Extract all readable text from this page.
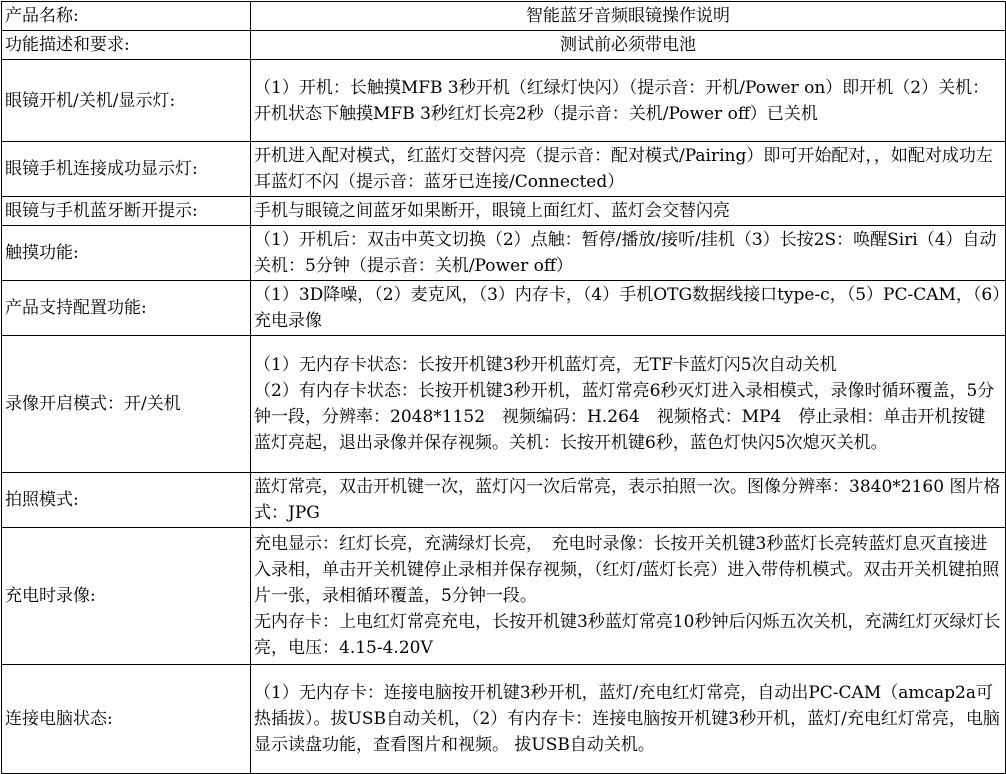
产品名称:	智能蓝牙音频眼镜操作说明
功能描述和要求:	测试前必须带电池
眼镜开机/关机/显示灯:	（1）开机：长触摸MFB 3秒开机（红绿灯快闪）（提示音：开机/Power on）即开机（2）关机：开机状态下触摸MFB 3秒红灯长亮2秒（提示音：关机/Power off）已关机
眼镜手机连接成功显示灯:	开机进入配对模式，红蓝灯交替闪亮（提示音：配对模式/Pairing）即可开始配对，，如配对成功左耳蓝灯不闪（提示音：蓝牙已连接/Connected）
眼镜与手机蓝牙断开提示:	手机与眼镜之间蓝牙如果断开，眼镜上面红灯、蓝灯会交替闪亮
触摸功能:	（1）开机后：双击中英文切换（2）点触：暂停/播放/接听/挂机（3）长按2S：唤醒Siri（4）自动关机：5分钟（提示音：关机/Power off）
产品支持配置功能:	（1）3D降噪，（2）麦克风，（3）内存卡，（4）手机OTG数据线接口type-c，（5）PC-CAM，（6）充电录像
录像开启模式：开/关机	（1）无内存卡状态：长按开机键3秒开机蓝灯亮，无TF卡蓝灯闪5次自动关机
（2）有内存卡状态：长按开机键3秒开机，蓝灯常亮6秒灭灯进入录相模式，录像时循环覆盖，5分钟一段，分辨率：2048*1152　视频编码：H.264　视频格式：MP4　停止录相：单击开机按键蓝灯亮起，退出录像并保存视频。关机：长按开机键6秒，蓝色灯快闪5次熄灭关机。

拍照模式:	蓝灯常亮，双击开机键一次，蓝灯闪一次后常亮，表示拍照一次。图像分辨率：3840*2160 图片格式：JPG
充电时录像:	充电显示：红灯长亮，充满绿灯长亮，　充电时录像：长按开关机键3秒蓝灯长亮转蓝灯息灭直接进入录相，单击开关机键停止录相并保存视频，（红灯/蓝灯长亮）进入带侍机模式。双击开关机键拍照片一张，录相循环覆盖，5分钟一段。
无内存卡：上电红灯常亮充电，长按开机键3秒蓝灯常亮10秒钟后闪烁五次关机，充满红灯灭绿灯长亮，电压：4.15-4.20V

连接电脑状态:	（1）无内存卡：连接电脑按开机键3秒开机，蓝灯/充电红灯常亮，自动出PC-CAM（amcap2a可热插拔）。拔USB自动关机，（2）有内存卡：连接电脑按开机键3秒开机，蓝灯/充电红灯常亮，电脑显示读盘功能，查看图片和视频。 拔USB自动关机。
